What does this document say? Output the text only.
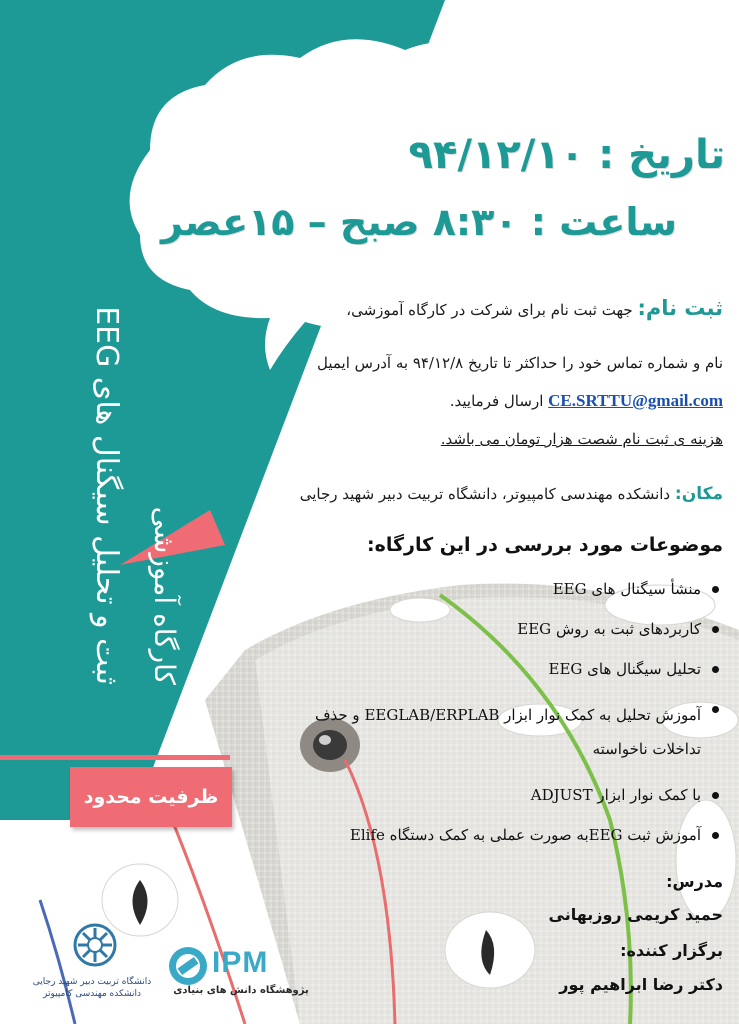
کارگاه آموزشی
ثبت و تحلیل سیگنال های EEG
تاریخ : ۹۴/۱۲/۱۰
ساعت : ۸:۳۰ صبح – ۱۵عصر
ثبت نام: جهت ثبت نام برای شرکت در کارگاه آموزشی،
نام و شماره تماس خود را حداکثر تا تاریخ ۹۴/۱۲/۸ به آدرس ایمیل
CE.SRTTU@gmail.com ارسال فرمایید.
هزینه ی ثبت نام شصت هزار تومان می باشد.
مکان: دانشکده مهندسی کامپیوتر، دانشگاه تربیت دبیر شهید رجایی
موضوعات مورد بررسی در این کارگاه:
منشأ سیگنال های EEG
کاربردهای ثبت به روش EEG
تحلیل سیگنال های EEG
آموزش تحلیل به کمک نوار ابزار EEGLAB/ERPLAB و حذف تداخلات ناخواسته
با کمک نوار ابزار ADJUST
آموزش ثبت EEGبه صورت عملی به کمک دستگاه Elife
ظرفیت محدود
مدرس:
حمید کریمی روزبهانی
برگزار کننده:
دکتر رضا ابراهیم پور
IPM
پژوهشگاه دانش های بنیادی
دانشگاه تربیت دبیر شهید رجایی دانشکده مهندسی کامپیوتر
